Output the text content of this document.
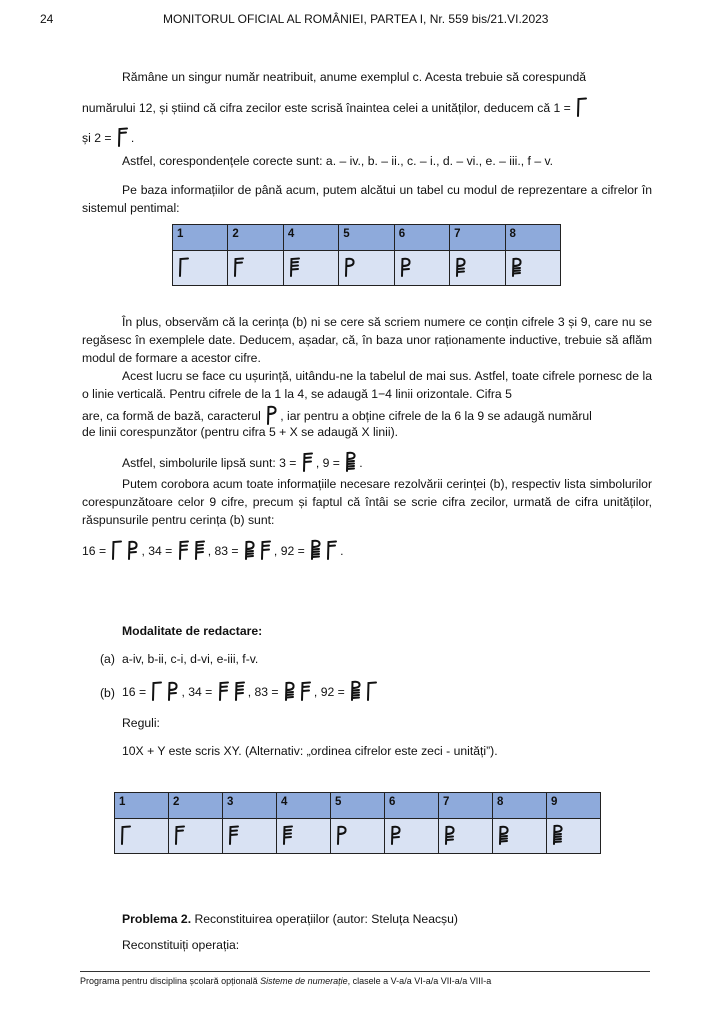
24	MONITORUL OFICIAL AL ROMÂNIEI, PARTEA I, Nr. 559 bis/21.VI.2023
Rămâne un singur număr neatribuit, anume exemplul c. Acesta trebuie să corespundă
numărului 12, și știind că cifra zecilor este scrisă înaintea celei a unităților, deducem că 1 =
și 2 = .
Astfel, corespondențele corecte sunt: a. – iv., b. – ii., c. – i., d. – vi., e. – iii., f – v.
Pe baza informațiilor de până acum, putem alcătui un tabel cu modul de reprezentare a cifrelor în sistemul pentimal:
1	2	4	5	6	7	8

În plus, observăm că la cerința (b) ni se cere să scriem numere ce conțin cifrele 3 și 9, care nu se regăsesc în exemplele date. Deducem, așadar, că, în baza unor raționamente inductive, trebuie să aflăm modul de formare a acestor cifre.
Acest lucru se face cu ușurință, uitându-ne la tabelul de mai sus. Astfel, toate cifrele pornesc de la o linie verticală. Pentru cifrele de la 1 la 4, se adaugă 1−4 linii orizontale. Cifra 5
are, ca formă de bază, caracterul , iar pentru a obține cifrele de la 6 la 9 se adaugă numărul
de linii corespunzător (pentru cifra 5 + X se adaugă X linii).
Astfel, simbolurile lipsă sunt: 3 = , 9 = .
Putem corobora acum toate informațiile necesare rezolvării cerinței (b), respectiv lista simbolurilor corespunzătoare celor 9 cifre, precum și faptul că întâi se scrie cifra zecilor, urmată de cifra unităților, răspunsurile pentru cerința (b) sunt:
16 =	, 34 =	, 83 =	, 92 =	.
Modalitate de redactare:
(a) a-iv, b-ii, c-i, d-vi, e-iii, f-v.
(b) 16 =	, 34 =	, 83 =	, 92 =
Reguli:
10X + Y este scris XY. (Alternativ: „ordinea cifrelor este zeci - unități”).
1	2	3	4	5	6	7	8	9

Problema 2. Reconstituirea operațiilor (autor: Steluța Neacșu)
Reconstituiți operația:
Programa pentru disciplina școlară opțională Sisteme de numerație, clasele a V-a/a VI-a/a VII-a/a VIII-a
